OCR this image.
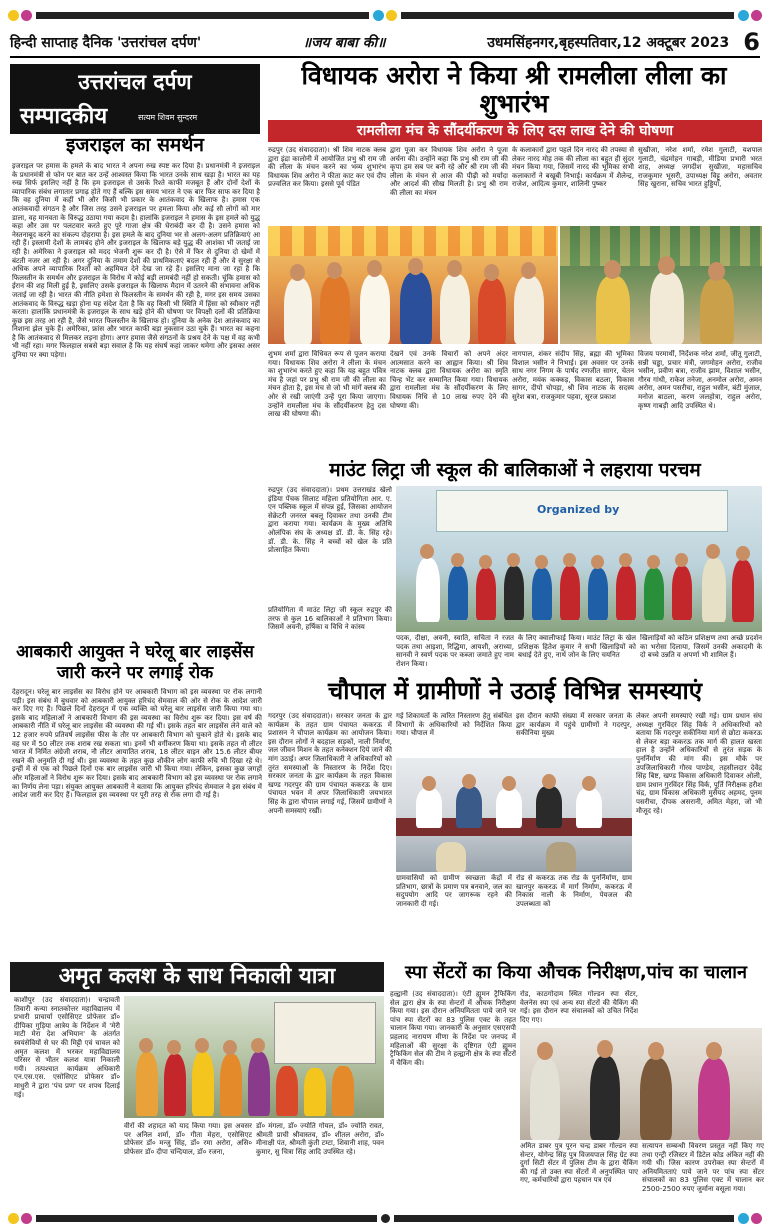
हिन्दी साप्ताह दैनिक 'उत्तरांचल दर्पण'	॥जय बाबा की॥	उधमसिंहनगर,बृहस्पतिवार,12 अक्टूबर 2023 6
उत्तरांचल दर्पण
सम्पादकीय	सत्यम शिवम सुन्दरम
इजराइल का समर्थन
इजराइल पर हमास के हमले के बाद भारत ने अपना रुख स्पष्ट कर दिया है। प्रधानमंत्री ने इजराइल के प्रधानमंत्री से फोन पर बात कर उन्हें आश्वस्त किया कि भारत उनके साथ खड़ा है। भारत का यह रुख सिर्फ इसलिए नहीं है कि हम इजराइल से उसके रिश्ते काफी मजबूत हैं और दोनों देशों के व्यापारिक संबंध लगातार प्रगाढ़ होते गए हैं बल्कि इस समय भारत ने एक बार फिर साफ कर दिया है कि वह दुनिया में कहीं भी और किसी भी प्रकार के आतंकवाद के खिलाफ है। हमास एक आतंकवादी संगठन है और जिस तरह उसने इजराइल पर हमला किया और कई सौ लोगों को मार डाला, वह मानवता के विरुद्ध उठाया गया कदम है। हालांकि इजराइल ने हमास के इस हमले को युद्ध कहा और उस पर पलटवार करते हुए पूरे गाजा क्षेत्र की घेराबंदी कर दी है। उसने हमास को नेस्तनाबूद करने का संकल्प दोहराया है। इस हमले के बाद दुनिया भर से अलग-अलग प्रतिक्रियाएं आ रही हैं। इस्लामी देशों के लामबंद होने और इजराइल के खिलाफ बड़े युद्ध की आशंका भी जताई जा रही है। अमेरिका ने इजराइल को मदद भेजनी शुरू कर दी है। ऐसे में फिर से दुनिया दो खेमों में बंटती नजर आ रही है। अगर दुनिया के तमाम देशों की प्राथमिकताएं बदल रही हैं और वे सुरक्षा से अधिक अपने व्यापारिक रिश्तों को अहमियत देने देख जा रहे हैं। इसलिए माना जा रहा है कि फिलस्तीन के समर्थन और इजराइल के विरोध में कोई बड़ी लामबंदी नहीं हो सकती। चूंकि हमास को ईरान की शह मिली हुई है, इसलिए उसके इजराइल के खिलाफ मैदान में उतरने की संभावना अधिक जताई जा रही है। भारत की नीति हमेशा से फिलस्तीन के समर्थन की रही है, मगर इस समय उसका आतंकवाद के विरुद्ध खड़ा होना यह संदेश देता है कि वह किसी भी स्थिति में हिंसा को स्वीकार नहीं करता। हालांकि प्रधानमंत्री के इजराइल के साथ खड़े होने की घोषणा पर विपक्षी दलों की प्रतिक्रिया कुछ इस तरह आ रही है, जैसे भारत फिलस्तीन के खिलाफ हो। दुनिया के अनेक देश आतंकवाद का निशाना झेल चुके हैं। अमेरिका, फ्रांस और भारत काफी बड़ा नुकसान उठा चुके हैं। भारत का कहना है कि आतंकवाद से मिलकर लड़ना होगा। अगर हमास जैसे संगठनों के प्रश्रय देने के पक्ष में वह कभी भी नहीं रहा। मगर फिलहाल सबसे बड़ा सवाल है कि यह संघर्ष कहां जाकर थमेगा और इसका असर दुनिया पर क्या पड़ेगा।
आबकारी आयुक्त ने घरेलू बार लाइसेंस जारी करने पर लगाई रोक
देहरादून। घरेलू बार लाइसेंस का विरोध होने पर आबकारी विभाग को इस व्यवस्था पर रोक लगानी पड़ी। इस संबंध में बुधवार को आबकारी आयुक्त हरिचंद सेमवाल की ओर से रोक के आदेश जारी कर दिए गए हैं। पिछले दिनों देहरादून में एक व्यक्ति को घरेलू बार लाइसेंस जारी किया गया था। इसके बाद महिलाओं ने आबकारी विभाग की इस व्यवस्था का विरोध शुरू कर दिया। इस वर्ष की आबकारी नीति में घरेलू बार लाइसेंस की व्यवस्था की गई थी। इसके तहत बार लाइसेंस लेने वाले को 12 हजार रुपये प्रतिवर्ष लाइसेंस फीस के तौर पर आबकारी विभाग को चुकाने होते थे। इसके बाद वह घर में 50 लीटर तक शराब रख सकता था। इनमें भी वर्गीकरण किया था। इसके तहत नौ लीटर भारत में निर्मित अंग्रेजी शराब, नौ लीटर आयातित शराब, 18 लीटर वाइन और 15.6 लीटर बीयर रखने की अनुमति दी गई थी। इस व्यवस्था के तहत कुछ शौकीन लोग काफी रुचि भी दिखा रहे थे। इन्हीं में से एक को पिछले दिनों एक बार लाइसेंस जारी भी किया गया। लेकिन, इसका कुछ जगहों और महिलाओं ने विरोध शुरू कर दिया। इसके बाद आबकारी विभाग को इस व्यवस्था पर रोक लगाने का निर्णय लेना पड़ा। संयुक्त आयुक्त आबकारी ने बताया कि आयुक्त हरिचंद सेमवाल ने इस संबंध में आदेश जारी कर दिए हैं। फिलहाल इस व्यवस्था पर पूरी तरह से रोक लगा दी गई है।
विधायक अरोरा ने किया श्री रामलीला लीला का शुभारंभ
रामलीला मंच के सौंदर्यीकरण के लिए दस लाख देने की घोषणा
रुद्रपुर (उद संवाददाता)। श्री शिव नाटक क्लब द्वारा इंद्रा कालोनी में आयोजित प्रभु श्री राम जी की लीला के मंचन करने का भव्य शुभारंभ विधायक शिव अरोरा ने फीता काट कर एवं दीप प्रज्वलित कर किया। इससे पूर्व पंडित
द्वारा पूजा कर विधायक शिव अरोरा ने पूजा अर्चना की। उन्होंने कहा कि प्रभु श्री राम जी की कृपा हम सब पर बनी रहे और श्री राम जी की लीला के मंचन से आज की पीढ़ी को मर्यादा और आदर्श की सीख मिलती है। प्रभु श्री राम की लीला का मंचन
के कलाकारों द्वारा पहले दिन नारद की तपस्या से लेकर नारद मोह तक की लीला का बहुत ही सुंदर मंचन किया गया, जिसमें नारद की भूमिका सभी कलाकारों ने बखूबी निभाई। कार्यक्रम में शैलेन्द्र, राजेश, आदित्य कुमार, शालिनी पुष्कर
सुखीजा, नरेश शर्मा, रमेश गुलाटी, यशपाल गुलाटी, चंद्रमोहन गाबड़ी, मीडिया प्रभारी भरत शाह, अध्यक्ष जगदीश सुखीजा, महासचिव राजकुमार भूसरी, उपाध्यक्ष विट्टू अरोरा, अवतार सिंह खुराना, सचिव भारत हुड्डिया,
शुभम शर्मा द्वारा विधिवत रूप से पूजन कराया गया। विधायक शिव अरोरा ने लीला के मंचन का शुभारंभ करते हुए कहा कि यह बहुत पवित्र मंच है जहां पर प्रभु श्री राम जी की लीला का मंचन होता है, इस मंच से जो भी मांगें क्लब की ओर से रखी जाएंगी उन्हें पूरा किया जाएगा। उन्होंने रामलीला मंच के सौंदर्यीकरण हेतु दस लाख की घोषणा की।
देखने एवं उनके विचारों को अपने अंदर आत्मसात करने का आह्वान किया। श्री शिव नाटक क्लब द्वारा विधायक अरोरा का स्मृति चिन्ह भेंट कर सम्मानित किया गया। विधायक द्वारा रामलीला मंच के सौंदर्यीकरण के लिए विधायक निधि से 10 लाख रुपए देने की घोषणा की।
नागपाल, शंकर संदीप सिंह, ब्रह्मा की भूमिका विशाल भसीन ने निभाई। इस अवसर पर उनके साथ नगर निगम के पार्षद रणजीत सागर, चेतन अरोरा, मयंक कक्कड़, विकास बठला, विकास सागर, दीपो चोपड़ा, श्री शिव नाटक के सदस्य सुरेश बत्रा, राजकुमार पहवा, सूरज प्रकाश
विजय परमार्थी, निर्देशक नरेश शर्मा, जीतू गुलाटी, सन्नी चड्ढा, प्रचार मंत्री, जगमोहन अरोरा, राजीव भसीन, प्रवीण बत्रा, राजीव झाम, विशाल भसीन, गौरव गांधी, राकेश तनेजा, अनमोल अरोरा, अमन अरोरा, अमन पसरीचा, राहुल भसीन, बंटी मुंजाल, मनोज बाठला, करण जलहोत्रा, राहुल अरोरा, कृष्ण गाबड़ी आदि उपस्थित थे।
माउंट लिट्रा जी स्कूल की बालिकाओं ने लहराया परचम
रुद्रपुर (उद संवाददाता)। प्रथम उत्तराखंड खेलो इंडिया पेंचक सिलाट महिला प्रतियोगिता आर. ए. एन पब्लिक स्कूल में संपन्न हुई, जिसका आयोजन सेक्रेटरी जनरल बबलू दिवाकर तथा उनकी टीम द्वारा कराया गया। कार्यक्रम के मुख्य अतिथि ओलंपिक संघ के अध्यक्ष डॉ. डी. के. सिंह रहे। डॉ. डी. के. सिंह ने बच्चों को खेल के प्रति प्रोत्साहित किया।
Organized by
प्रतियोगिता में माउंट लिट्रा जी स्कूल रुद्रपुर की तरफ से कुल 16 बालिकाओं ने प्रतिभाग किया। जिसमें अवनी, हर्षिका व विधि ने कांस्य
पदक, दीक्षा, अवनी, स्वाति, सचिता ने रजत पदक तथा आइशा, रिद्धिमा, आयशी, अराध्या, सानवी ने स्वर्ण पदक पर कब्जा जमाते हुए नाम रोशन किया।
के लिए क्वालीफाई किया। माउंट लिट्रा के खेल प्रशिक्षक हितेश कुमार ने सभी खिलाड़ियों को बधाई देते हुए, नार्थ जोन के लिए चयनित
खिलाड़ियों को कठिन प्रशिक्षण तथा अच्छे प्रदर्शन का भरोसा दिलाया, जिसमें उनकी अकादमी के दो बच्चे उन्नति व अपर्णा भी शामिल हैं।
चौपाल में ग्रामीणों ने उठाई विभिन्न समस्याएं
गदरपुर (उद संवाददाता)। सरकार जनता के द्वार कार्यक्रम के तहत ग्राम पंचायत ककरऊ में प्रशासन ने चौपाल कार्यक्रम का आयोजन किया। इस दौरान लोगों ने बदहाल सड़कों, नाली निर्माण, जल जीवन मिशन के तहत कनेक्शन दिये जाने की मांग उठाई। अपर जिलाधिकारी ने अधिकारियों को तुरंत समस्याओं के निस्तारण के निर्देश दिए। सरकार जनता के द्वार कार्यक्रम के तहत विकास खण्ड गदरपुर की ग्राम पंचायत ककरऊ के ग्राम पंचायत भवन में अपर जिलाधिकारी जयभारत सिंह के द्वारा चौपाल लगाई गई, जिसमें ग्रामीणों ने अपनी समस्याएं रखीं।
गई शिकायतों के त्वरित निस्तारण हेतु संबंधित विभागों के अधिकारियों को निर्देशित किया गया। चौपाल में
इस दौरान काफी संख्या में सरकार जनता के द्वार कार्यक्रम में पहुंचे ग्रामीणों ने गदरपुर, सकीनिया मुख्य
लेकर अपनी समस्याएं रखी गई। ग्राम प्रधान संघ अध्यक्ष गुरविंदर सिंह विर्क ने अधिकारियों को बताया कि गदरपुर सकीनिया मार्ग से छोटा ककरऊ से लेकर बड़ा ककरऊ तक मार्ग की हालत खस्ता हाल है उन्होंने अधिकारियों से तुरंत सड़क के पुनर्निर्माण की मांग की। इस मौके पर उपजिलाधिकारी गौरव पाण्डेय, तहसीलदार देवेंद्र सिंह बिष्ट, खण्ड विकास अधिकारी दिवाकर ओली, ग्राम प्रधान गुरविंदर सिंह विर्क, पूर्ति निरीक्षक हरीश चंद्र, ग्राम विकास अधिकारी मुसैयद अहमद, पूनम पसरीचा, दीपक असरानी, अमित मेहरा, जो भी मौजूद रहे।
ग्रामवासियों को ग्रामीण स्वच्छता केंद्रों में प्रतिभाग, छात्रों के प्रमाण पत्र बनवाने, जल का सदुपयोग आदि पर जागरूक रहने की जानकारी दी गई।
रोड से ककरऊ तक रोड के पुनर्निर्माण, ग्राम खानपुर ककरऊ में मार्ग निर्माण, ककरऊ में निकास नाली के निर्माण, पेयजल की उपलब्धता को
अमृत कलश के साथ निकाली यात्रा
काशीपुर (उद संवाददाता)। चन्द्रावती तिवारी कन्या स्नातकोत्तर महाविद्यालय में प्रभारी प्राचार्या एसोसिएट प्रोफेसर डॉ० दीपिका गुड़िया आत्रेय के निर्देशन में 'मेरी माटी मेरा देश अभियान' के अंतर्गत स्वयंसेवियों से घर की मिट्टी एवं चावल को अमृत कलश में भरकर महाविद्यालय परिसर से भीतर कलश यात्रा निकाली गयी। तत्पश्चात कार्यक्रम अधिकारी एन.एस.एस. एसोसिएट प्रोफेसर डॉ० माधुरी ने द्वारा 'पंच प्रण' पर शपथ दिलाई गई।
वीरों की शहादत को याद किया गया। इस अवसर पर अनिल शर्मा, डॉ० गीता मेहरा, एसोसिएट प्रोफेसर डॉ० मन्जु सिंह, डॉ० रमा अरोरा, असि० प्रोफेसर डॉ० दीपा चन्दियाल, डॉ० रजना,
डॉ० मंगला, डॉ० ज्योति गोयल, डॉ० ज्योति रावत, श्रीमती प्राची श्रीवास्तव, डॉ० शीतल अरोरा, डॉ० मीनाक्षी पंत, श्रीमती कुंती टम्टा, शिवानी शाह, पवन कुमार, सु चित्रा सिंह आदि उपस्थित रहे।
स्पा सेंटरों का किया औचक निरीक्षण,पांच का चालान
हल्द्वानी (उद संवाददाता)। एंटी ह्यूमन ट्रैफिकिंग सेल द्वारा क्षेत्र के स्पा सेन्टरों में औचक निरीक्षण किया गया। इस दौरान अनियमितता पाये जाने पर पांच स्पा सेंटरों का 83 पुलिस एक्ट के तहत चालान किया गया। जानकारी के अनुसार एसएसपी प्रहलाद नारायण मीणा के निर्देश पर जनपद में महिलाओं की सुरक्षा के दृष्टिगत एंटी ह्यूमन ट्रैफिकिंग सेल की टीम ने हल्द्वानी क्षेत्र के स्पा सेंटरों में चैकिंग की।
रोड, काठगोदाम स्थित गोल्डन स्पा सेंटर, वेलनेस स्पा एवं अन्य स्पा सेंटरों की चैकिंग की गई। इस दौरान स्पा संचालकों को उचित निर्देश दिए गए।
अमित डाबर पुत्र पूरन चन्द्र डाबर गोल्डन स्पा सेन्टर, योगेन्द्र सिंह पुत्र विजयपाल सिंह ग्रेट स्पा दुर्गा सिटी सेंटर में पुलिस टीम के द्वारा चैकिंग की गई तो उक्त स्पा सेंटरों में अनुपस्थित पाए गए, कर्मचारियों द्वारा पहचान पत्र एवं
सत्यापन सम्बन्धी विवरण प्रस्तुत नहीं किए गए तथा एन्ट्री रजिस्टर में डिटेल कोड अंकित नहीं की गयी थी। जिस कारण उपरोक्त स्पा सेन्टरों में अनियमितताएं पाये जाने पर पांच स्पा सेंटर संचालकों का 83 पुलिस एक्ट में चालान कर 2500-2500 रुपए जुर्माना वसूला गया।
